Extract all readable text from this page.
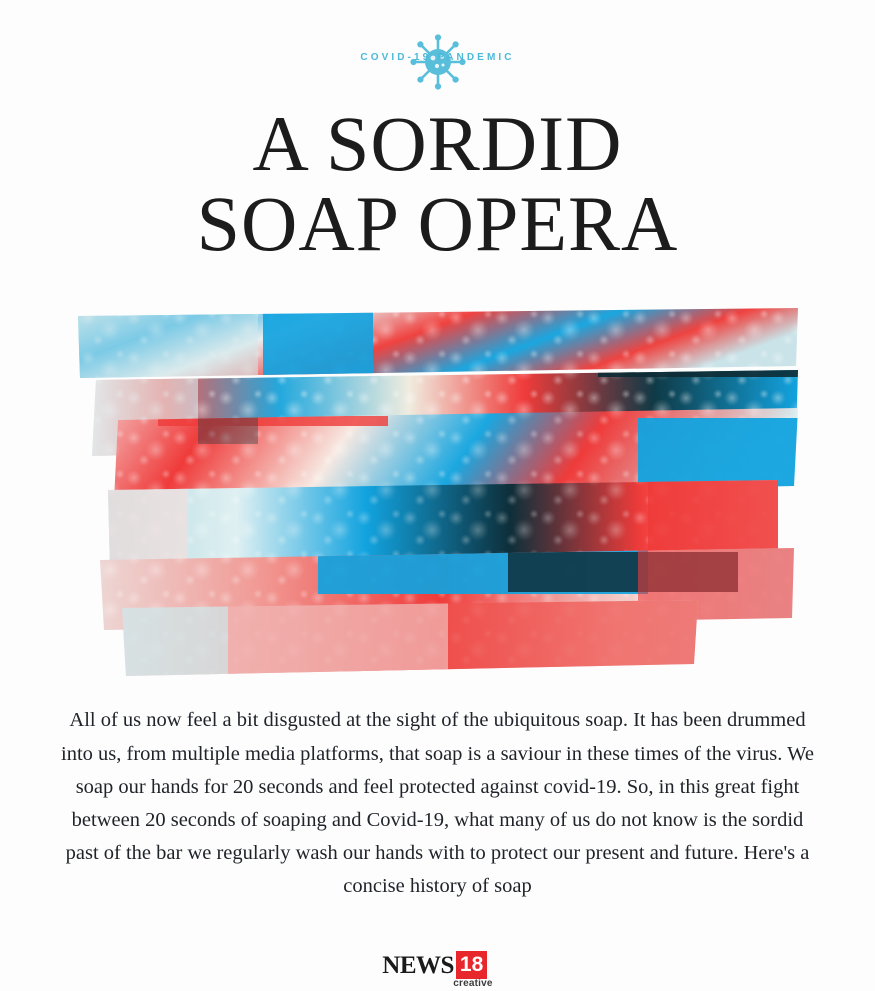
COVID-19 PANDEMIC
A SORDID
SOAP OPERA

All of us now feel a bit disgusted at the sight of the ubiquitous soap. It has been drummed into us, from multiple media platforms, that soap is a saviour in these times of the virus. We soap our hands for 20 seconds and feel protected against covid-19. So, in this great fight between 20 seconds of soaping and Covid-19, what many of us do not know is the sordid past of the bar we regularly wash our hands with to protect our present and future. Here's a concise history of soap

NEWS 18
creative
